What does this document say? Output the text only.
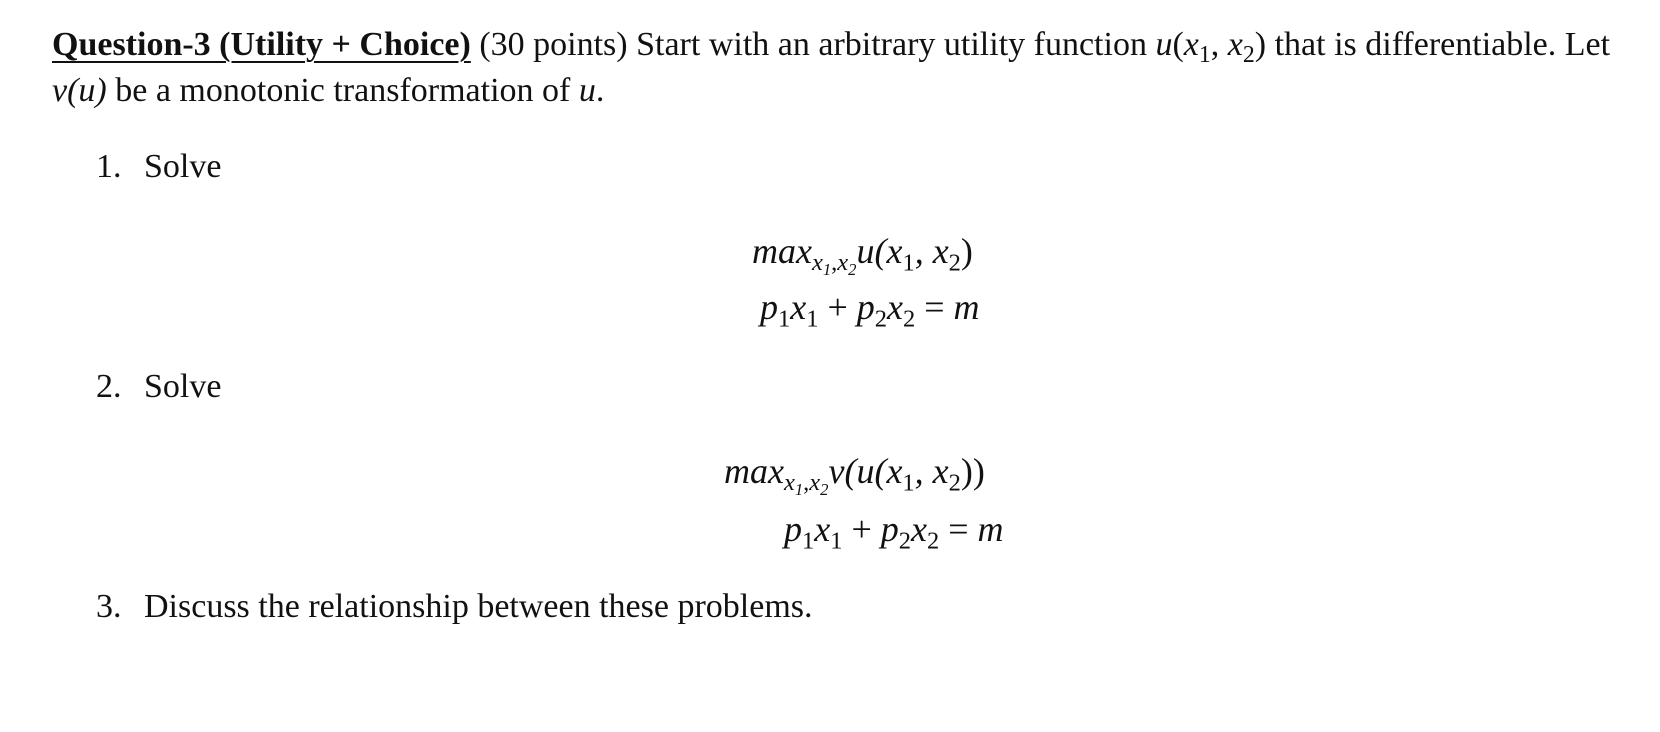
Question-3 (Utility + Choice) (30 points) Start with an arbitrary utility function $u(x_1$, $x_2$) that is differentiable. Let v(u) be a monotonic transformation of u.
1. Solve
$\max_{x_1,x_2}u(x_1$, $x_2$)
$p_1x_1 + p_2x_2 = m$
2. Solve
$\max_{x_1,x_2}v(u(x_1$, $x_2$))
$p_1x_1 + p_2x_2 = m$
3. Discuss the relationship between these problems.
